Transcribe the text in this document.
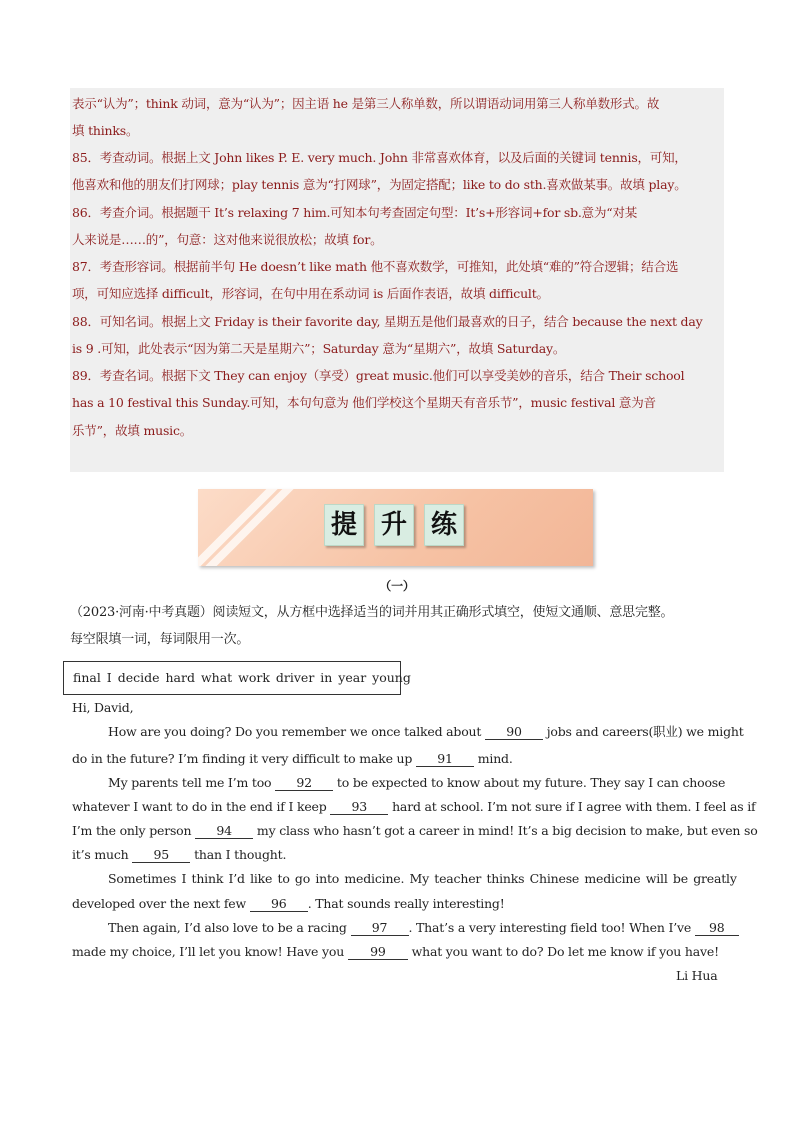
表示“认为”；think 动词，意为“认为”；因主语 he 是第三人称单数，所以谓语动词用第三人称单数形式。故
填 thinks。
85．考查动词。根据上文 John likes P. E. very much. John 非常喜欢体育，以及后面的关键词 tennis，可知，
他喜欢和他的朋友们打网球；play tennis 意为“打网球”，为固定搭配；like to do sth.喜欢做某事。故填 play。
86．考查介词。根据题干 It’s relaxing 7 him.可知本句考查固定句型：It’s+形容词+for sb.意为“对某
人来说是……的”，句意：这对他来说很放松；故填 for。
87．考查形容词。根据前半句 He doesn’t like math 他不喜欢数学，可推知，此处填“难的”符合逻辑；结合选
项，可知应选择 difficult，形容词，在句中用在系动词 is 后面作表语，故填 difficult。
88．可知名词。根据上文 Friday is their favorite day, 星期五是他们最喜欢的日子，结合 because the next day
is 9 .可知，此处表示“因为第二天是星期六”；Saturday 意为“星期六”，故填 Saturday。
89．考查名词。根据下文 They can enjoy（享受）great music.他们可以享受美妙的音乐，结合 Their school
has a 10 festival this Sunday.可知，本句句意为 他们学校这个星期天有音乐节”，music festival 意为音
乐节”，故填 music。
提 升 练
（一）
（2023·河南·中考真题）阅读短文，从方框中选择适当的词并用其正确形式填空，使短文通顺、意思完整。
每空限填一词，每词限用一次。
final I decide hard what work driver in year young
Hi, David,
How are you doing? Do you remember we once talked about 90 jobs and careers(职业) we might
do in the future? I’m finding it very difficult to make up 91 mind.
My parents tell me I’m too 92 to be expected to know about my future. They say I can choose
whatever I want to do in the end if I keep 93 hard at school. I’m not sure if I agree with them. I feel as if
I’m the only person 94 my class who hasn’t got a career in mind! It’s a big decision to make, but even so
it’s much 95 than I thought.
Sometimes I think I’d like to go into medicine. My teacher thinks Chinese medicine will be greatly
developed over the next few 96 . That sounds really interesting!
Then again, I’d also love to be a racing 97 . That’s a very interesting field too! When I’ve 98
made my choice, I’ll let you know! Have you 99 what you want to do? Do let me know if you have!
Li Hua
